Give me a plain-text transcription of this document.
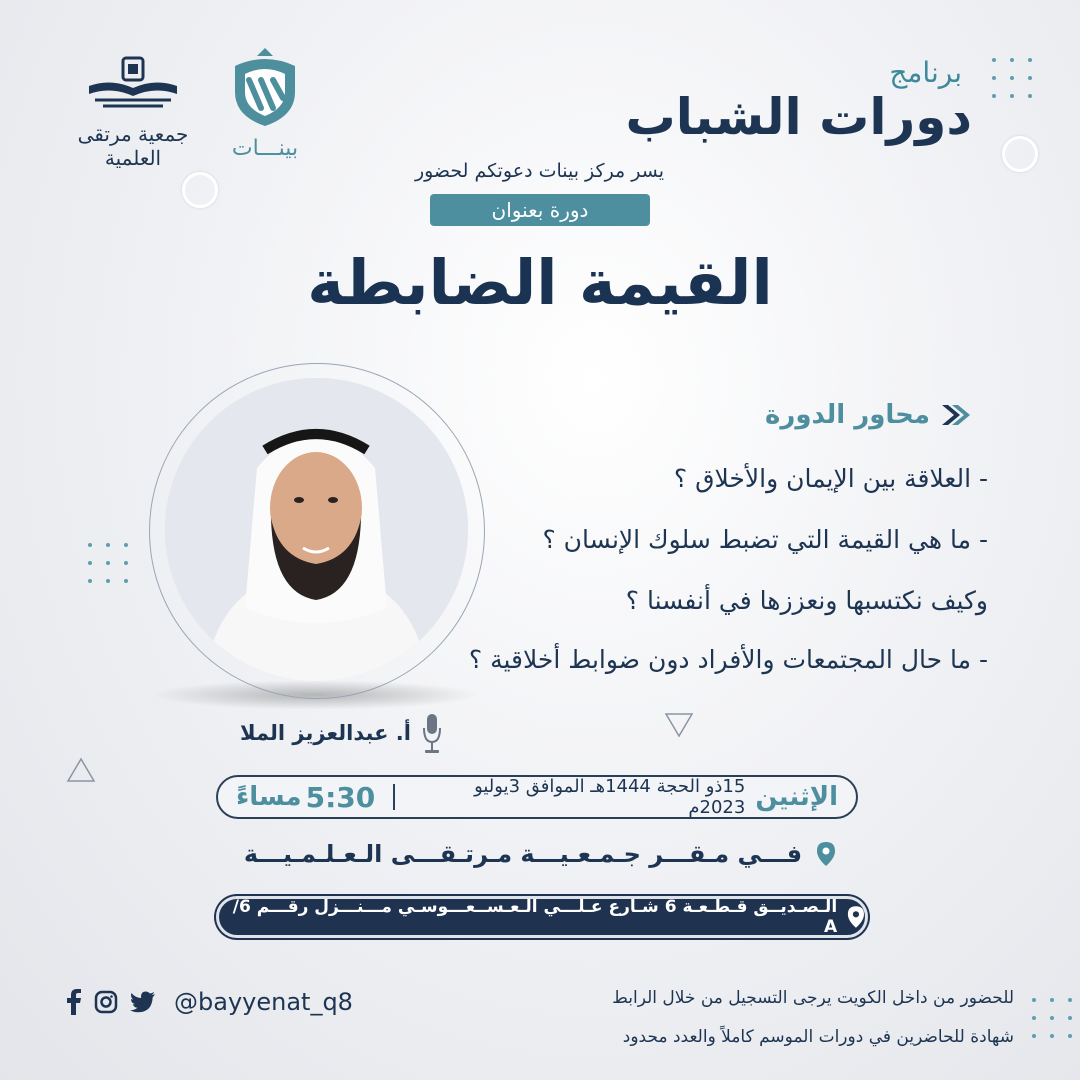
بينـــات
جمعية مرتقى العلمية
برنامج
دورات الشباب
يسر مركز بينات دعوتكم لحضور
دورة بعنوان
القيمة الضابطة
محاور الدورة
- العلاقة بين الإيمان والأخلاق ؟
- ما هي القيمة التي تضبط سلوك الإنسان ؟
وكيف نكتسبها ونعززها في أنفسنا ؟
- ما حال المجتمعات والأفراد دون ضوابط أخلاقية ؟
أ. عبدالعزيز الملا
الإثنين
15ذو الحجة 1444هـ الموافق 3يوليو 2023م
5:30
مساءً
فـــي مـقـــر جـمـعـيـــة مـرتـقـــى الـعـلـمـيـــة
الـصـديــق قـطـعـة 6 شـارع عـلـــي الـعـســعـــوسـي مـــنـــزل رقـــم 6/ A
@bayyenat_q8	للحضور من داخل الكويت يرجى التسجيل من خلال الرابط
شهادة للحاضرين في دورات الموسم كاملاً والعدد محدود
